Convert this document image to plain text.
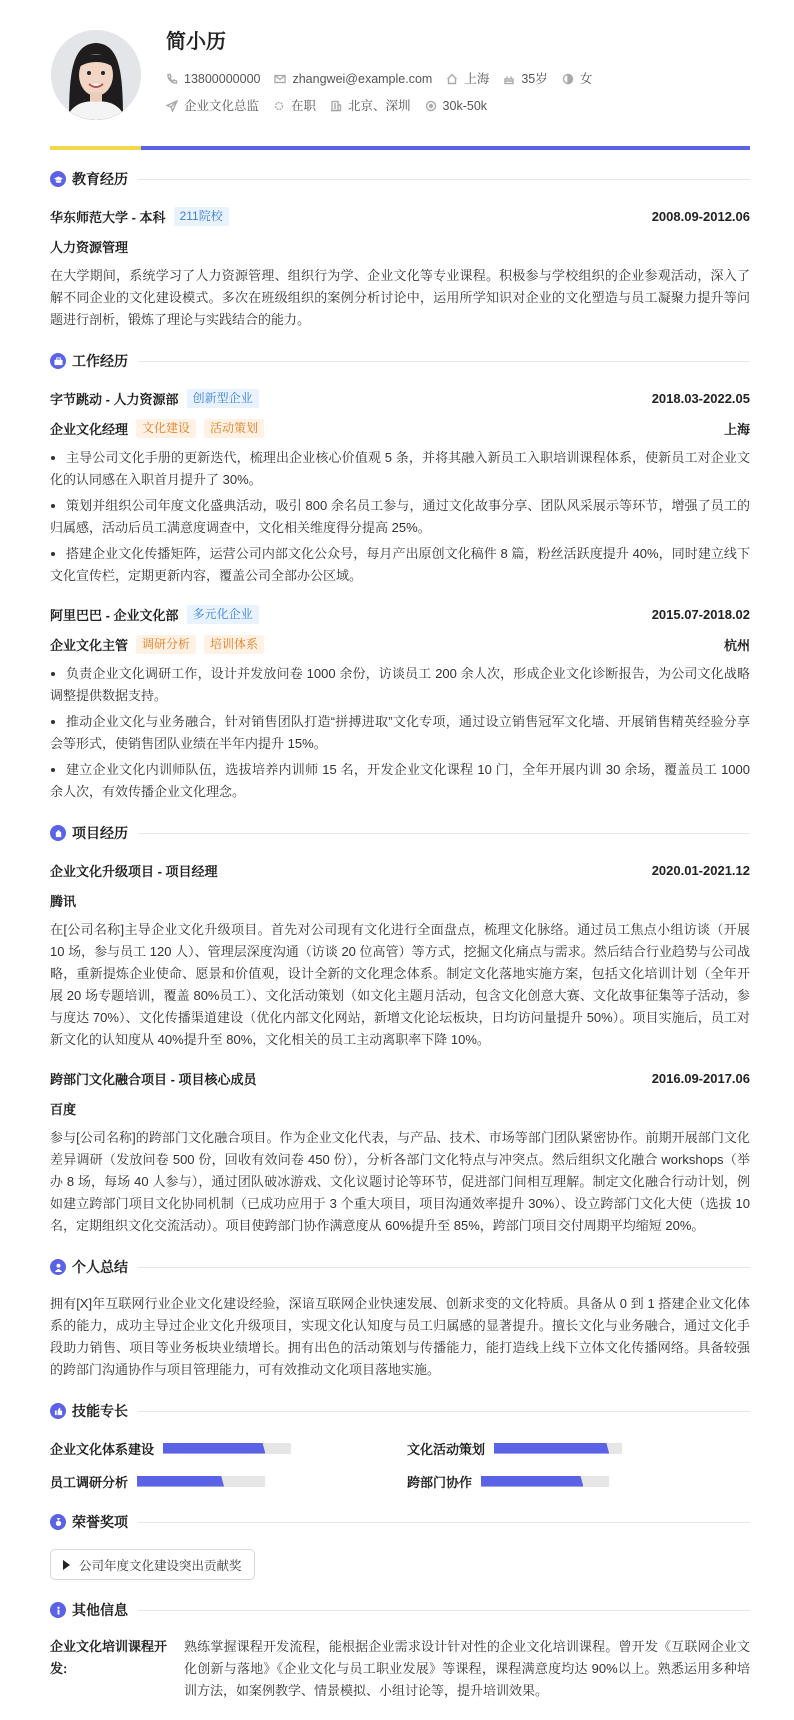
简小历
13800000000	zhangwei@example.com	上海	35岁	女
企业文化总监	在职	北京、深圳	30k-50k
教育经历
华东师范大学 - 本科	211院校	2008.09-2012.06
人力资源管理
在大学期间，系统学习了人力资源管理、组织行为学、企业文化等专业课程。积极参与学校组织的企业参观活动，深入了解不同企业的文化建设模式。多次在班级组织的案例分析讨论中，运用所学知识对企业的文化塑造与员工凝聚力提升等问题进行剖析，锻炼了理论与实践结合的能力。
工作经历
字节跳动 - 人力资源部	创新型企业	2018.03-2022.05
企业文化经理	文化建设	活动策划	上海
主导公司文化手册的更新迭代，梳理出企业核心价值观 5 条，并将其融入新员工入职培训课程体系，使新员工对企业文化的认同感在入职首月提升了 30%。
策划并组织公司年度文化盛典活动，吸引 800 余名员工参与，通过文化故事分享、团队风采展示等环节，增强了员工的归属感，活动后员工满意度调查中，文化相关维度得分提高 25%。
搭建企业文化传播矩阵，运营公司内部文化公众号，每月产出原创文化稿件 8 篇，粉丝活跃度提升 40%，同时建立线下文化宣传栏，定期更新内容，覆盖公司全部办公区域。
阿里巴巴 - 企业文化部	多元化企业	2015.07-2018.02
企业文化主管	调研分析	培训体系	杭州
负责企业文化调研工作，设计并发放问卷 1000 余份，访谈员工 200 余人次，形成企业文化诊断报告，为公司文化战略调整提供数据支持。
推动企业文化与业务融合，针对销售团队打造“拼搏进取”文化专项，通过设立销售冠军文化墙、开展销售精英经验分享会等形式，使销售团队业绩在半年内提升 15%。
建立企业文化内训师队伍，选拔培养内训师 15 名，开发企业文化课程 10 门，全年开展内训 30 余场，覆盖员工 1000 余人次，有效传播企业文化理念。
项目经历
企业文化升级项目 - 项目经理	2020.01-2021.12
腾讯
在[公司名称]主导企业文化升级项目。首先对公司现有文化进行全面盘点，梳理文化脉络。通过员工焦点小组访谈（开展 10 场，参与员工 120 人）、管理层深度沟通（访谈 20 位高管）等方式，挖掘文化痛点与需求。然后结合行业趋势与公司战略，重新提炼企业使命、愿景和价值观，设计全新的文化理念体系。制定文化落地实施方案，包括文化培训计划（全年开展 20 场专题培训，覆盖 80%员工）、文化活动策划（如文化主题月活动，包含文化创意大赛、文化故事征集等子活动，参与度达 70%）、文化传播渠道建设（优化内部文化网站，新增文化论坛板块，日均访问量提升 50%）。项目实施后，员工对新文化的认知度从 40%提升至 80%，文化相关的员工主动离职率下降 10%。
跨部门文化融合项目 - 项目核心成员	2016.09-2017.06
百度
参与[公司名称]的跨部门文化融合项目。作为企业文化代表，与产品、技术、市场等部门团队紧密协作。前期开展部门文化差异调研（发放问卷 500 份，回收有效问卷 450 份），分析各部门文化特点与冲突点。然后组织文化融合 workshops（举办 8 场，每场 40 人参与），通过团队破冰游戏、文化议题讨论等环节，促进部门间相互理解。制定文化融合行动计划，例如建立跨部门项目文化协同机制（已成功应用于 3 个重大项目，项目沟通效率提升 30%）、设立跨部门文化大使（选拔 10 名，定期组织文化交流活动）。项目使跨部门协作满意度从 60%提升至 85%，跨部门项目交付周期平均缩短 20%。
个人总结
拥有[X]年互联网行业企业文化建设经验，深谙互联网企业快速发展、创新求变的文化特质。具备从 0 到 1 搭建企业文化体系的能力，成功主导过企业文化升级项目，实现文化认知度与员工归属感的显著提升。擅长文化与业务融合，通过文化手段助力销售、项目等业务板块业绩增长。拥有出色的活动策划与传播能力，能打造线上线下立体文化传播网络。具备较强的跨部门沟通协作与项目管理能力，可有效推动文化项目落地实施。
技能专长
企业文化体系建设	文化活动策划
员工调研分析	跨部门协作
荣誉奖项
公司年度文化建设突出贡献奖
其他信息
企业文化培训课程开发:
熟练掌握课程开发流程，能根据企业需求设计针对性的企业文化培训课程。曾开发《互联网企业文化创新与落地》《企业文化与员工职业发展》等课程，课程满意度均达 90%以上。熟悉运用多种培训方法，如案例教学、情景模拟、小组讨论等，提升培训效果。
